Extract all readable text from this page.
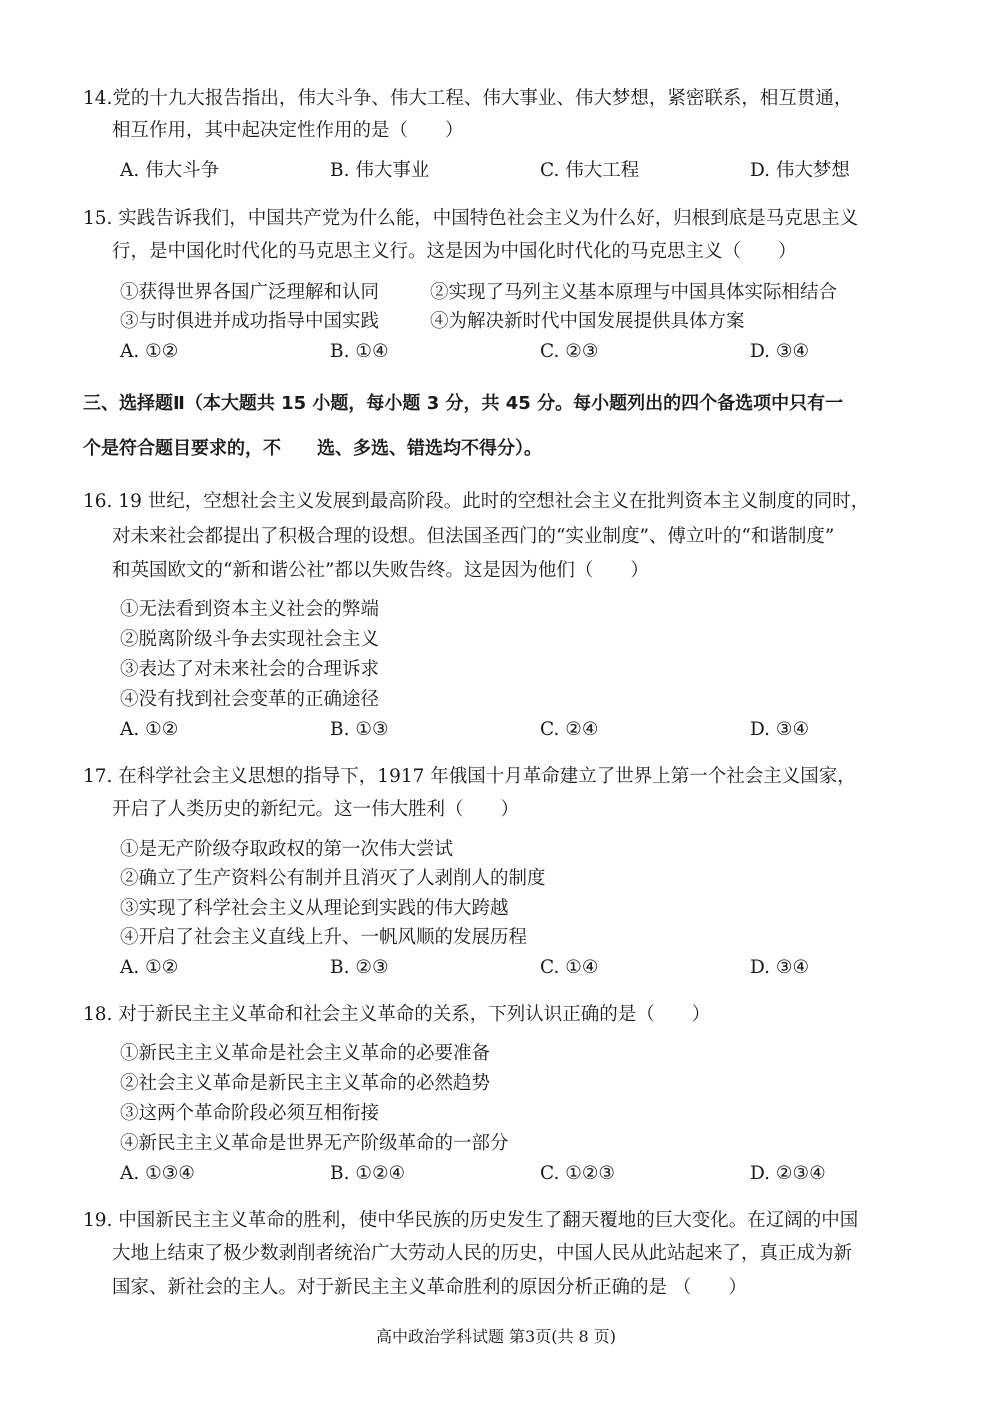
14.党的十九大报告指出，伟大斗争、伟大工程、伟大事业、伟大梦想，紧密联系，相互贯通，
相互作用，其中起决定性作用的是（　　）
A. 伟大斗争	B. 伟大事业	C. 伟大工程	D. 伟大梦想
15. 实践告诉我们，中国共产党为什么能，中国特色社会主义为什么好，归根到底是马克思主义
行，是中国化时代化的马克思主义行。这是因为中国化时代化的马克思主义（　　）
①获得世界各国广泛理解和认同	②实现了马列主义基本原理与中国具体实际相结合
③与时俱进并成功指导中国实践	④为解决新时代中国发展提供具体方案
A. ①②	B. ①④	C. ②③	D. ③④
三、选择题Ⅱ（本大题共 15 小题，每小题 3 分，共 45 分。每小题列出的四个备选项中只有一
个是符合题目要求的，不　　选、多选、错选均不得分）。
16. 19 世纪，空想社会主义发展到最高阶段。此时的空想社会主义在批判资本主义制度的同时，
对未来社会都提出了积极合理的设想。但法国圣西门的“实业制度”、傅立叶的“和谐制度”
和英国欧文的“新和谐公社”都以失败告终。这是因为他们（　　）
①无法看到资本主义社会的弊端
②脱离阶级斗争去实现社会主义
③表达了对未来社会的合理诉求
④没有找到社会变革的正确途径
A. ①②	B. ①③	C. ②④	D. ③④
17. 在科学社会主义思想的指导下，1917 年俄国十月革命建立了世界上第一个社会主义国家，
开启了人类历史的新纪元。这一伟大胜利（　　）
①是无产阶级夺取政权的第一次伟大尝试
②确立了生产资料公有制并且消灭了人剥削人的制度
③实现了科学社会主义从理论到实践的伟大跨越
④开启了社会主义直线上升、一帆风顺的发展历程
A. ①②	B. ②③	C. ①④	D. ③④
18. 对于新民主主义革命和社会主义革命的关系，下列认识正确的是（　　）
①新民主主义革命是社会主义革命的必要准备
②社会主义革命是新民主主义革命的必然趋势
③这两个革命阶段必须互相衔接
④新民主主义革命是世界无产阶级革命的一部分
A. ①③④	B. ①②④	C. ①②③	D. ②③④
19. 中国新民主主义革命的胜利，使中华民族的历史发生了翻天覆地的巨大变化。在辽阔的中国
大地上结束了极少数剥削者统治广大劳动人民的历史，中国人民从此站起来了，真正成为新
国家、新社会的主人。对于新民主主义革命胜利的原因分析正确的是 （　　）
高中政治学科试题 第3页(共 8 页)
